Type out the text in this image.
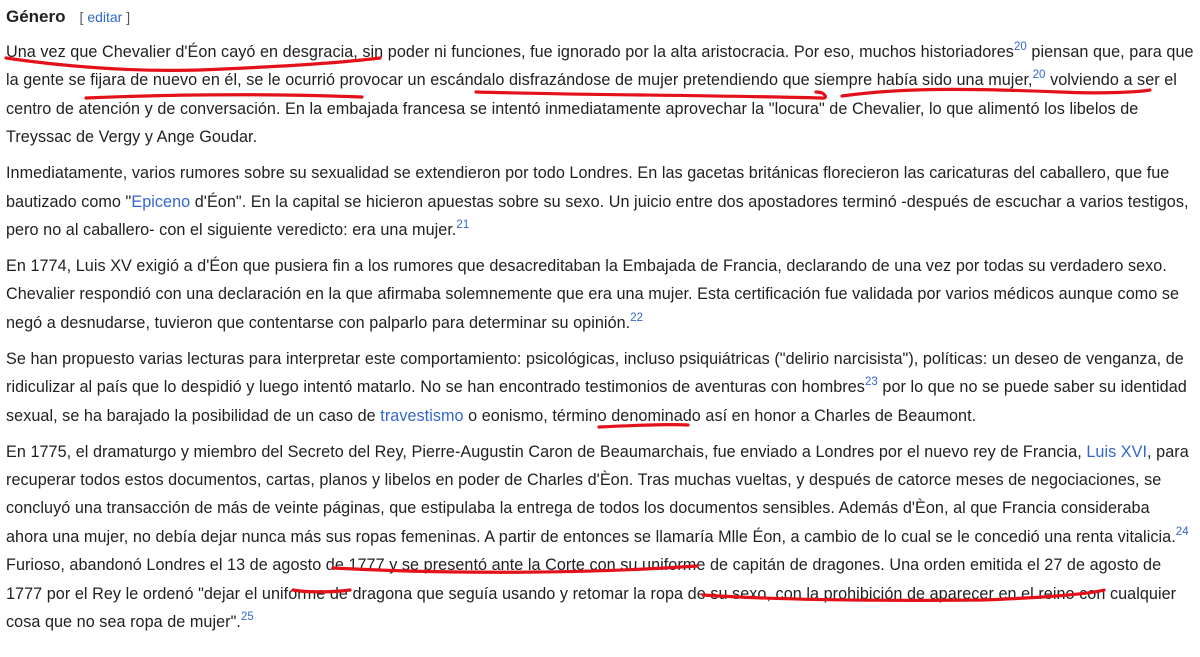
Género [ editar ]

Una vez que Chevalier d'Éon cayó en desgracia, sin poder ni funciones, fue ignorado por la alta aristocracia. Por eso, muchos historiadores$^{20}$ piensan que, para que la gente se fijara de nuevo en él, se le ocurrió provocar un escándalo disfrazándose de mujer pretendiendo que siempre había sido una mujer,$^{20}$ volviendo a ser el centro de atención y de conversación. En la embajada francesa se intentó inmediatamente aprovechar la "locura" de Chevalier, lo que alimentó los libelos de Treyssac de Vergy y Ange Goudar.

Inmediatamente, varios rumores sobre su sexualidad se extendieron por todo Londres. En las gacetas británicas florecieron las caricaturas del caballero, que fue bautizado como "Epiceno d'Éon". En la capital se hicieron apuestas sobre su sexo. Un juicio entre dos apostadores terminó -después de escuchar a varios testigos, pero no al caballero- con el siguiente veredicto: era una mujer.$^{21}$

En 1774, Luis XV exigió a d'Éon que pusiera fin a los rumores que desacreditaban la Embajada de Francia, declarando de una vez por todas su verdadero sexo. Chevalier respondió con una declaración en la que afirmaba solemnemente que era una mujer. Esta certificación fue validada por varios médicos aunque como se negó a desnudarse, tuvieron que contentarse con palparlo para determinar su opinión.$^{22}$

Se han propuesto varias lecturas para interpretar este comportamiento: psicológicas, incluso psiquiátricas ("delirio narcisista"), políticas: un deseo de venganza, de ridiculizar al país que lo despidió y luego intentó matarlo. No se han encontrado testimonios de aventuras con hombres$^{23}$ por lo que no se puede saber su identidad sexual, se ha barajado la posibilidad de un caso de travestismo o eonismo, término denominado así en honor a Charles de Beaumont.

En 1775, el dramaturgo y miembro del Secreto del Rey, Pierre-Augustin Caron de Beaumarchais, fue enviado a Londres por el nuevo rey de Francia, Luis XVI, para recuperar todos estos documentos, cartas, planos y libelos en poder de Charles d'Èon. Tras muchas vueltas, y después de catorce meses de negociaciones, se concluyó una transacción de más de veinte páginas, que estipulaba la entrega de todos los documentos sensibles. Además d'Èon, al que Francia consideraba ahora una mujer, no debía dejar nunca más sus ropas femeninas. A partir de entonces se llamaría Mlle Éon, a cambio de lo cual se le concedió una renta vitalicia.$^{24}$ Furioso, abandonó Londres el 13 de agosto de 1777 y se presentó ante la Corte con su uniforme de capitán de dragones. Una orden emitida el 27 de agosto de 1777 por el Rey le ordenó "dejar el uniforme de dragona que seguía usando y retomar la ropa de su sexo, con la prohibición de aparecer en el reino con cualquier cosa que no sea ropa de mujer".$^{25}$
